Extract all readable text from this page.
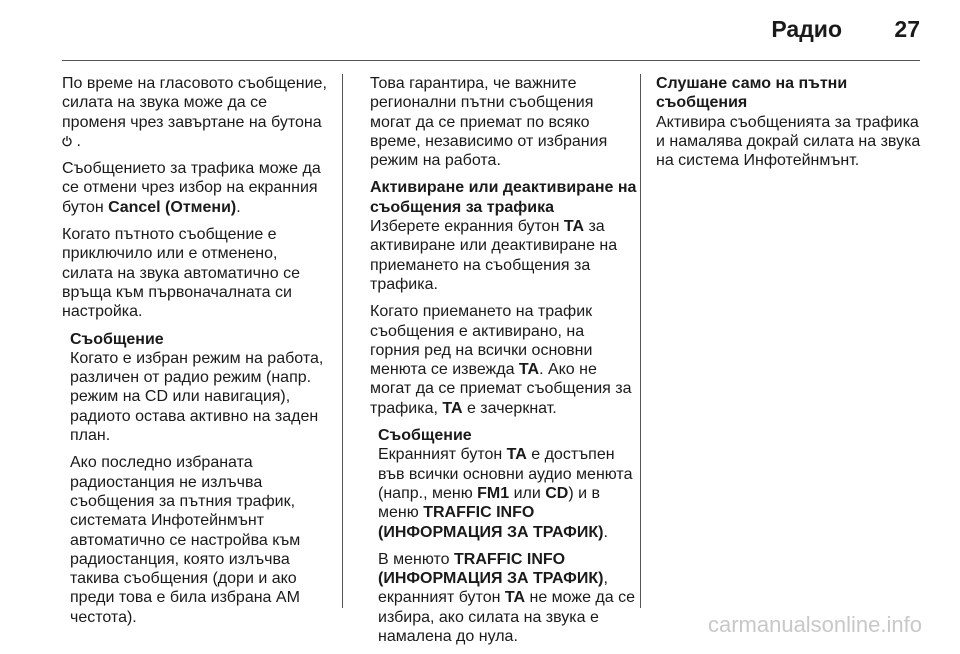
Радио 27

По време на гласовото съобщение, силата на звука може да се променя чрез завъртане на бутона  .

Съобщението за трафика може да се отмени чрез избор на екранния бутон Cancel (Отмени).

Когато пътното съобщение е приключило или е отменено, силата на звука автоматично се връща към първоначалната си настройка.

Съобщение

Когато е избран режим на работа, различен от радио режим (напр. режим на CD или навигация), радиото остава активно на заден план.

Ако последно избраната радиостанция не излъчва съобщения за пътния трафик, системата Инфотейнмънт автоматично се настройва към радиостанция, която излъчва такива съобщения (дори и ако преди това е била избрана AM честота).

Това гарантира, че важните регионални пътни съобщения могат да се приемат по всяко време, независимо от избрания режим на работа.

Активиране или деактивиране на съобщения за трафика

Изберете екранния бутон TA за активиране или деактивиране на приемането на съобщения за трафика.

Когато приемането на трафик съобщения е активирано, на горния ред на всички основни менюта се извежда TA. Ако не могат да се приемат съобщения за трафика, TA е зачеркнат.

Съобщение

Екранният бутон TA е достъпен във всички основни аудио менюта (напр., меню FM1 или CD) и в меню TRAFFIC INFO (ИНФОРМАЦИЯ ЗА ТРАФИК).

В менюто TRAFFIC INFO (ИНФОРМАЦИЯ ЗА ТРАФИК), екранният бутон TA не може да се избира, ако силата на звука е намалена до нула.

Слушане само на пътни съобщения

Активира съобщенията за трафика и намалява докрай силата на звука на система Инфотейнмънт.

carmanualsonline.info
